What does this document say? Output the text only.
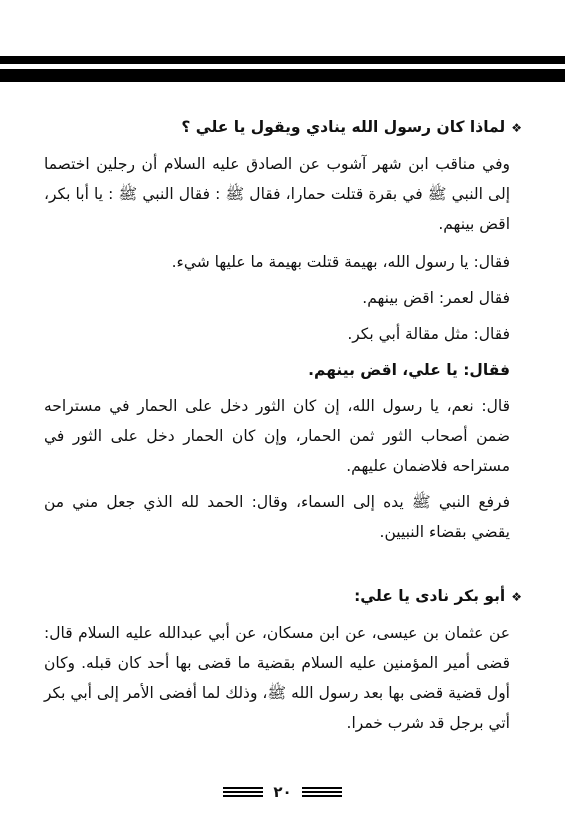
❖لماذا كان رسول الله ينادي ويقول يا علي ؟

وفي مناقب ابن شهر آشوب عن الصادق عليه السلام أن رجلين اختصما إلى النبي ﷺ في بقرة قتلت حمارا، فقال ﷺ : فقال النبي ﷺ : يا أبا بكر، اقض بينهم.

فقال: يا رسول الله، بهيمة قتلت بهيمة ما عليها شيء.

فقال لعمر: اقض بينهم.

فقال: مثل مقالة أبي بكر.

فقال: يا علي، اقض بينهم.

قال: نعم، يا رسول الله، إن كان الثور دخل على الحمار في مستراحه ضمن أصحاب الثور ثمن الحمار، وإن كان الحمار دخل على الثور في مستراحه فلاضمان عليهم.

فرفع النبي ﷺ يده إلى السماء، وقال: الحمد لله الذي جعل مني من يقضي بقضاء النبيين.

❖أبو بكر نادى يا علي:

عن عثمان بن عيسى، عن ابن مسكان، عن أبي عبدالله عليه السلام قال: قضى أمير المؤمنين عليه السلام بقضية ما قضى بها أحد كان قبله. وكان أول قضية قضى بها بعد رسول الله ﷺ، وذلك لما أفضى الأمر إلى أبي بكر أتي برجل قد شرب خمرا.

٢٠
